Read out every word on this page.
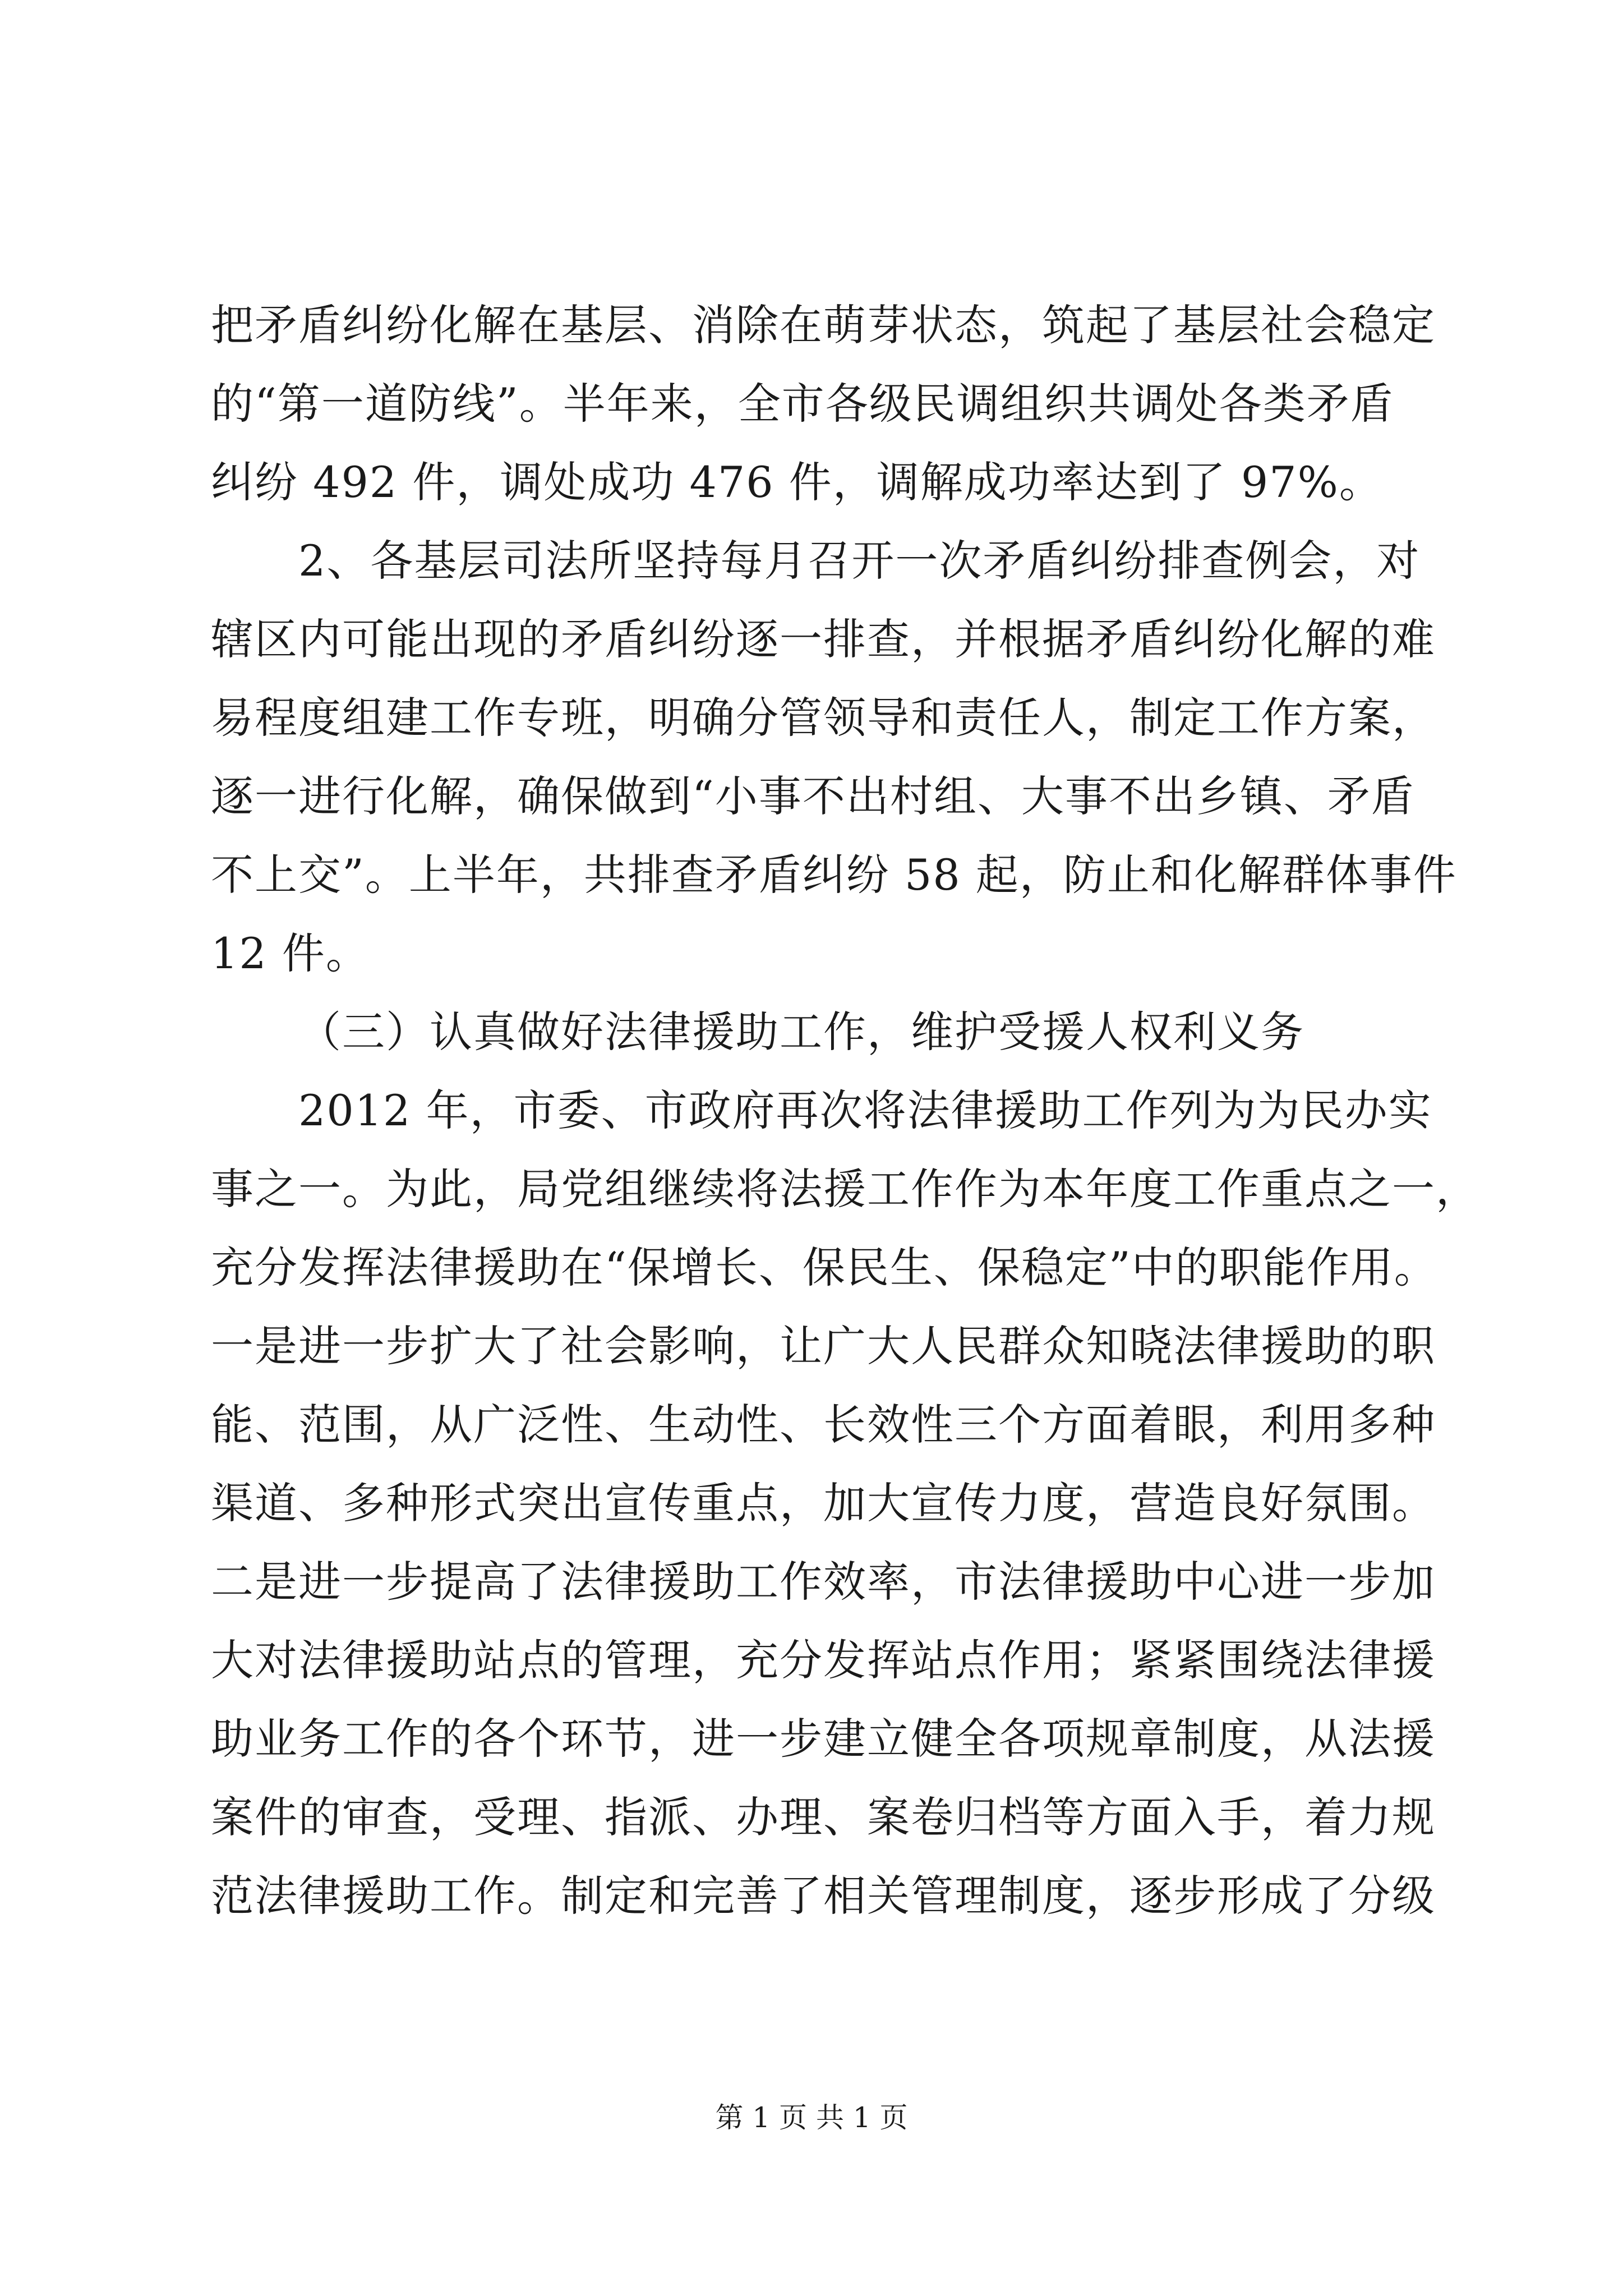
把矛盾纠纷化解在基层、消除在萌芽状态，筑起了基层社会稳定
的“第一道防线”。半年来，全市各级民调组织共调处各类矛盾
纠纷 492 件，调处成功 476 件，调解成功率达到了 97%。
2、各基层司法所坚持每月召开一次矛盾纠纷排查例会，对
辖区内可能出现的矛盾纠纷逐一排查，并根据矛盾纠纷化解的难
易程度组建工作专班，明确分管领导和责任人，制定工作方案，
逐一进行化解，确保做到“小事不出村组、大事不出乡镇、矛盾
不上交”。上半年，共排查矛盾纠纷 58 起，防止和化解群体事件
12 件。
（三）认真做好法律援助工作，维护受援人权利义务
2012 年，市委、市政府再次将法律援助工作列为为民办实
事之一。为此，局党组继续将法援工作作为本年度工作重点之一，
充分发挥法律援助在“保增长、保民生、保稳定”中的职能作用。
一是进一步扩大了社会影响，让广大人民群众知晓法律援助的职
能、范围，从广泛性、生动性、长效性三个方面着眼，利用多种
渠道、多种形式突出宣传重点，加大宣传力度，营造良好氛围。
二是进一步提高了法律援助工作效率，市法律援助中心进一步加
大对法律援助站点的管理，充分发挥站点作用；紧紧围绕法律援
助业务工作的各个环节，进一步建立健全各项规章制度，从法援
案件的审查，受理、指派、办理、案卷归档等方面入手，着力规
范法律援助工作。制定和完善了相关管理制度，逐步形成了分级
第 1 页 共 1 页
